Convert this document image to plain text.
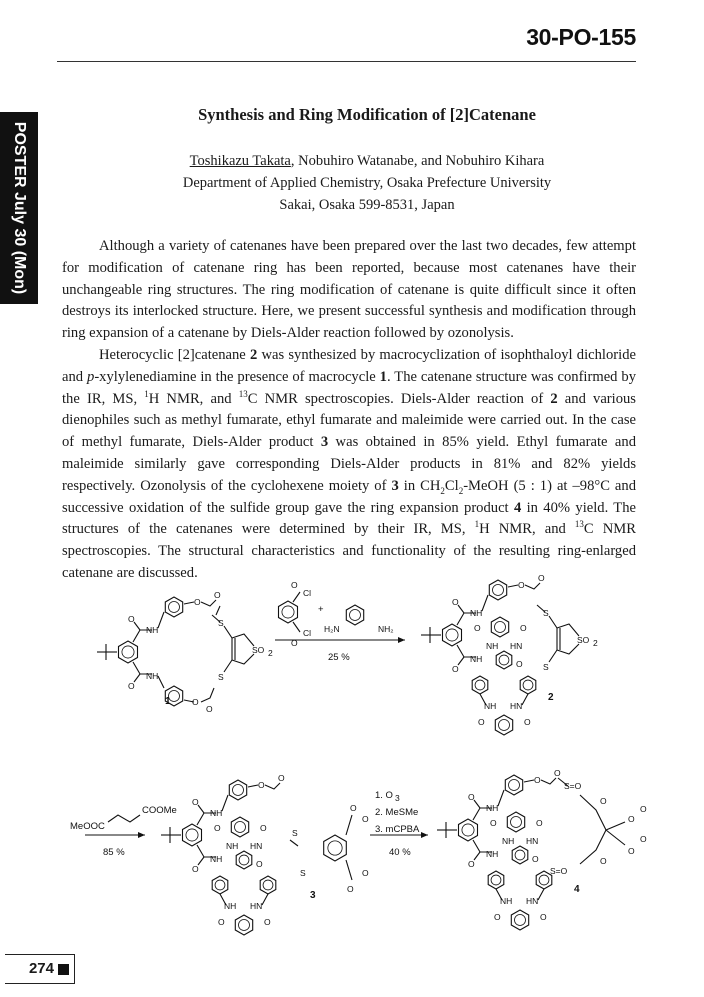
30-PO-155
POSTER July 30 (Mon)
Synthesis and Ring Modification of [2]Catenane
Toshikazu Takata, Nobuhiro Watanabe, and Nobuhiro Kihara
Department of Applied Chemistry, Osaka Prefecture University
Sakai, Osaka 599-8531, Japan

Although a variety of catenanes have been prepared over the last two decades, few attempt for modification of catenane ring has been reported, because most catenanes have their unchangeable ring structures. The ring modification of catenane is quite difficult since it often destroys its interlocked structure. Here, we present successful synthesis and modification through ring expansion of a catenane by Diels-Alder reaction followed by ozonolysis.

Heterocyclic [2]catenane 2 was synthesized by macrocyclization of isophthaloyl dichloride and p-xylylenediamine in the presence of macrocycle 1. The catenane structure was confirmed by the IR, MS, $^1$H NMR, and $^{13}$C NMR spectroscopies. Diels-Alder reaction of 2 and various dienophiles such as methyl fumarate, ethyl fumarate and maleimide were carried out. In the case of methyl fumarate, Diels-Alder product 3 was obtained in 85% yield. Ethyl fumarate and maleimide similarly gave corresponding Diels-Alder products in 81% and 82% yields respectively. Ozonolysis of the cyclohexene moiety of 3 in $CH_2Cl_2$-MeOH (5 : 1) at –98°C and successive oxidation of the sulfide group gave the ring expansion product 4 in 40% yield. The structures of the catenanes were determined by their IR, MS, $^1$H NMR, and $^{13}$C NMR spectroscopies. The structural characteristics and functionality of the resulting ring-enlarged catenane are discussed.

O
NH
O
NH
O
O
O
O
S
SO 2
S
1
Cl
O
Cl
O
+
H₂N	NH₂
25 %
O
NH
O
NH
O
O
O	O
NH HN
O
NH HN
O	O
S
SO 2
S
2
MeOOC
COOMe
85 %
O
NH
O
NH
O
O
O	O
NH HN
O
NH HN
O	O
S
O
O
O
O
S
3
1. O 3
2. MeSMe
3. mCPBA
40 %
O
NH
O
NH
O
O
O	O
NH HN
O
NH HN
O	O
S=O
O
O
O
O
O
O
S=O
4
274
